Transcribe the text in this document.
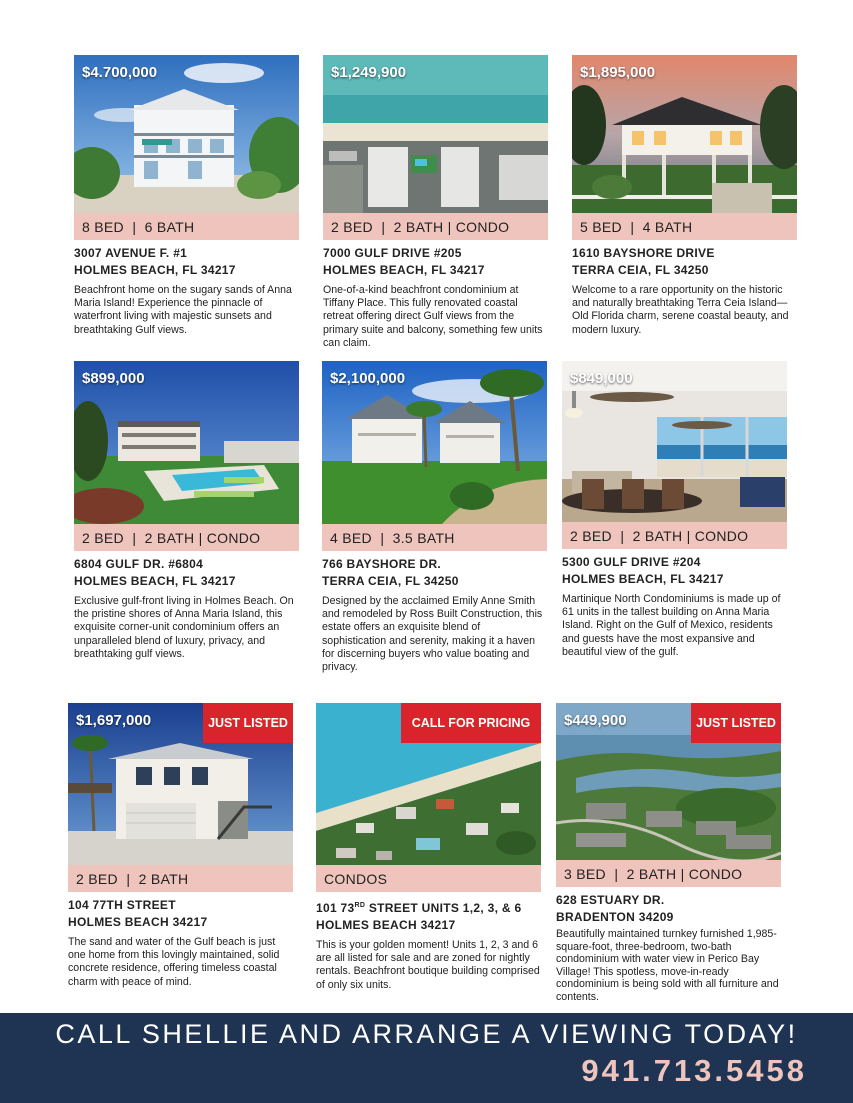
$4.700,000
8 BED  |  6 BATH
3007 AVENUE F. #1
HOLMES BEACH, FL 34217
Beachfront home on the sugary sands of Anna Maria Island! Experience the pinnacle of waterfront living with majestic sunsets and breathtaking Gulf views.
$1,249,900
2 BED  |  2 BATH | CONDO
7000 GULF DRIVE #205
HOLMES BEACH, FL 34217
One-of-a-kind beachfront condominium at Tiffany Place. This fully renovated coastal retreat offering direct Gulf views from the primary suite and balcony, something few units can claim.
$1,895,000
5 BED  |  4 BATH
1610 BAYSHORE DRIVE
TERRA CEIA, FL 34250
Welcome to a rare opportunity on the historic and naturally breathtaking Terra Ceia Island—Old Florida charm, serene coastal beauty, and modern luxury.
$899,000
2 BED  |  2 BATH | CONDO
6804 GULF DR. #6804
HOLMES BEACH, FL 34217
Exclusive gulf-front living in Holmes Beach. On the pristine shores of Anna Maria Island, this exquisite corner-unit condominium offers an unparalleled blend of luxury, privacy, and breathtaking gulf views.
$2,100,000
4 BED  |  3.5 BATH
766 BAYSHORE DR.
TERRA CEIA, FL 34250
Designed by the acclaimed Emily Anne Smith and remodeled by Ross Built Construction, this estate offers an exquisite blend of sophistication and serenity, making it a haven for discerning buyers who value boating and privacy.
$849,000
2 BED  |  2 BATH | CONDO
5300 GULF DRIVE #204
HOLMES BEACH, FL 34217
Martinique North Condominiums is made up of 61 units in the tallest building on Anna Maria Island. Right on the Gulf of Mexico, residents and guests have the most expansive and beautiful view of the gulf.
$1,697,000	JUST LISTED
2 BED  |  2 BATH
104 77TH STREET
HOLMES BEACH 34217
The sand and water of the Gulf beach is just one home from this lovingly maintained, solid concrete residence, offering timeless coastal charm with peace of mind.
CALL FOR PRICING
CONDOS
101 73RD STREET UNITS 1,2, 3, & 6
HOLMES BEACH 34217
This is your golden moment! Units 1, 2, 3 and 6 are all listed for sale and are zoned for nightly rentals. Beachfront boutique building comprised of only six units.
$449,900	JUST LISTED
3 BED  |  2 BATH | CONDO
628 ESTUARY DR.
BRADENTON 34209
Beautifully maintained turnkey furnished 1,985-square-foot, three-bedroom, two-bath condominium with water view in Perico Bay Village! This spotless, move-in-ready condominium is being sold with all furniture and contents.
CALL SHELLIE AND ARRANGE A VIEWING TODAY!
941.713.5458
